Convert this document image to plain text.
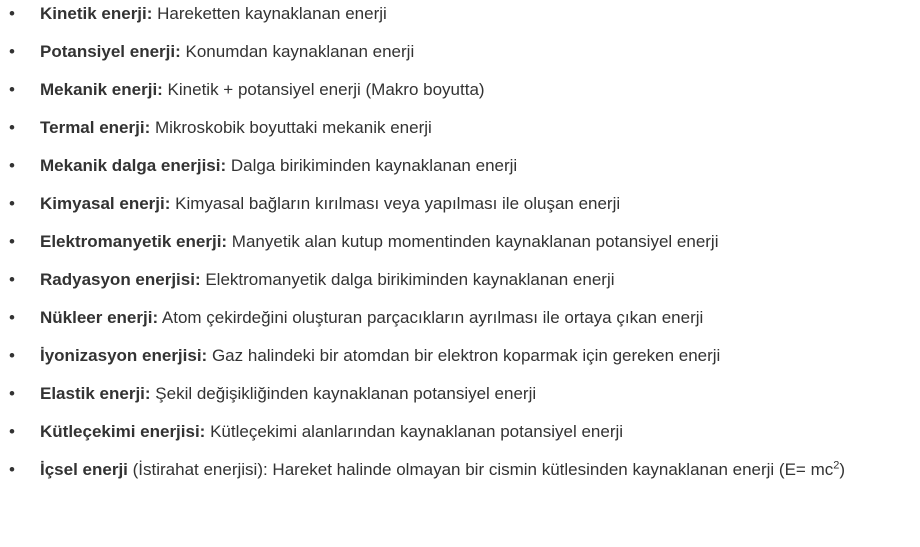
• Kinetik enerji: Hareketten kaynaklanan enerji
• Potansiyel enerji: Konumdan kaynaklanan enerji
• Mekanik enerji: Kinetik + potansiyel enerji (Makro boyutta)
• Termal enerji: Mikroskobik boyuttaki mekanik enerji
• Mekanik dalga enerjisi: Dalga birikiminden kaynaklanan enerji
• Kimyasal enerji: Kimyasal bağların kırılması veya yapılması ile oluşan enerji
• Elektromanyetik enerji: Manyetik alan kutup momentinden kaynaklanan potansiyel enerji
• Radyasyon enerjisi: Elektromanyetik dalga birikiminden kaynaklanan enerji
• Nükleer enerji: Atom çekirdeğini oluşturan parçacıkların ayrılması ile ortaya çıkan enerji
• İyonizasyon enerjisi: Gaz halindeki bir atomdan bir elektron koparmak için gereken enerji
• Elastik enerji: Şekil değişikliğinden kaynaklanan potansiyel enerji
• Kütleçekimi enerjisi: Kütleçekimi alanlarından kaynaklanan potansiyel enerji
• İçsel enerji (İstirahat enerjisi): Hareket halinde olmayan bir cismin kütlesinden kaynaklanan enerji $(E= mc^2)$
